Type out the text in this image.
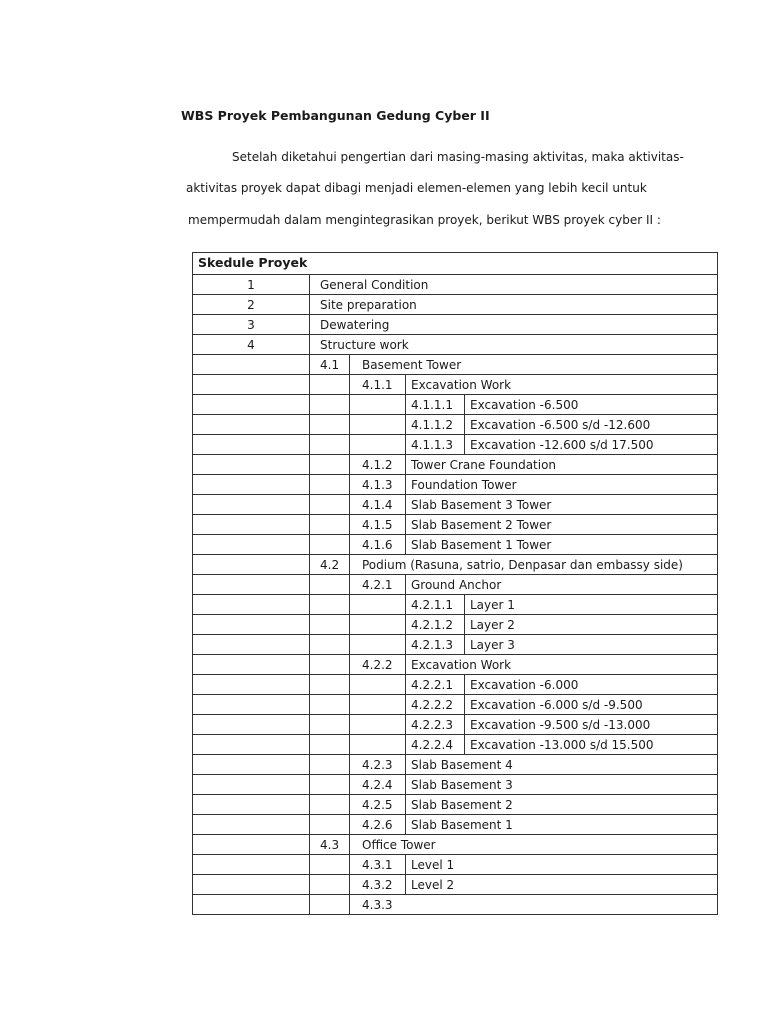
WBS Proyek Pembangunan Gedung Cyber II

Setelah diketahui pengertian dari masing-masing aktivitas, maka aktivitas-

aktivitas proyek dapat dibagi menjadi elemen-elemen yang lebih kecil untuk

mempermudah dalam mengintegrasikan proyek, berikut WBS proyek cyber II :

Skedule Proyek				
1	General Condition			
2	Site preparation			
3	Dewatering			
4	Structure work			
	4.1	Basement Tower		
		4.1.1	Excavation Work	
			4.1.1.1	Excavation -6.500
			4.1.1.2	Excavation -6.500 s/d -12.600
			4.1.1.3	Excavation -12.600 s/d 17.500
		4.1.2	Tower Crane Foundation	
		4.1.3	Foundation Tower	
		4.1.4	Slab Basement 3 Tower	
		4.1.5	Slab Basement 2 Tower	
		4.1.6	Slab Basement 1 Tower	
	4.2	Podium (Rasuna, satrio, Denpasar dan embassy side)		
		4.2.1	Ground Anchor	
			4.2.1.1	Layer 1
			4.2.1.2	Layer 2
			4.2.1.3	Layer 3
		4.2.2	Excavation Work	
			4.2.2.1	Excavation -6.000
			4.2.2.2	Excavation -6.000 s/d -9.500
			4.2.2.3	Excavation -9.500 s/d -13.000
			4.2.2.4	Excavation -13.000 s/d 15.500
		4.2.3	Slab Basement 4	
		4.2.4	Slab Basement 3	
		4.2.5	Slab Basement 2	
		4.2.6	Slab Basement 1	
	4.3	Office Tower		
		4.3.1	Level 1	
		4.3.2	Level 2	
		4.3.3		
